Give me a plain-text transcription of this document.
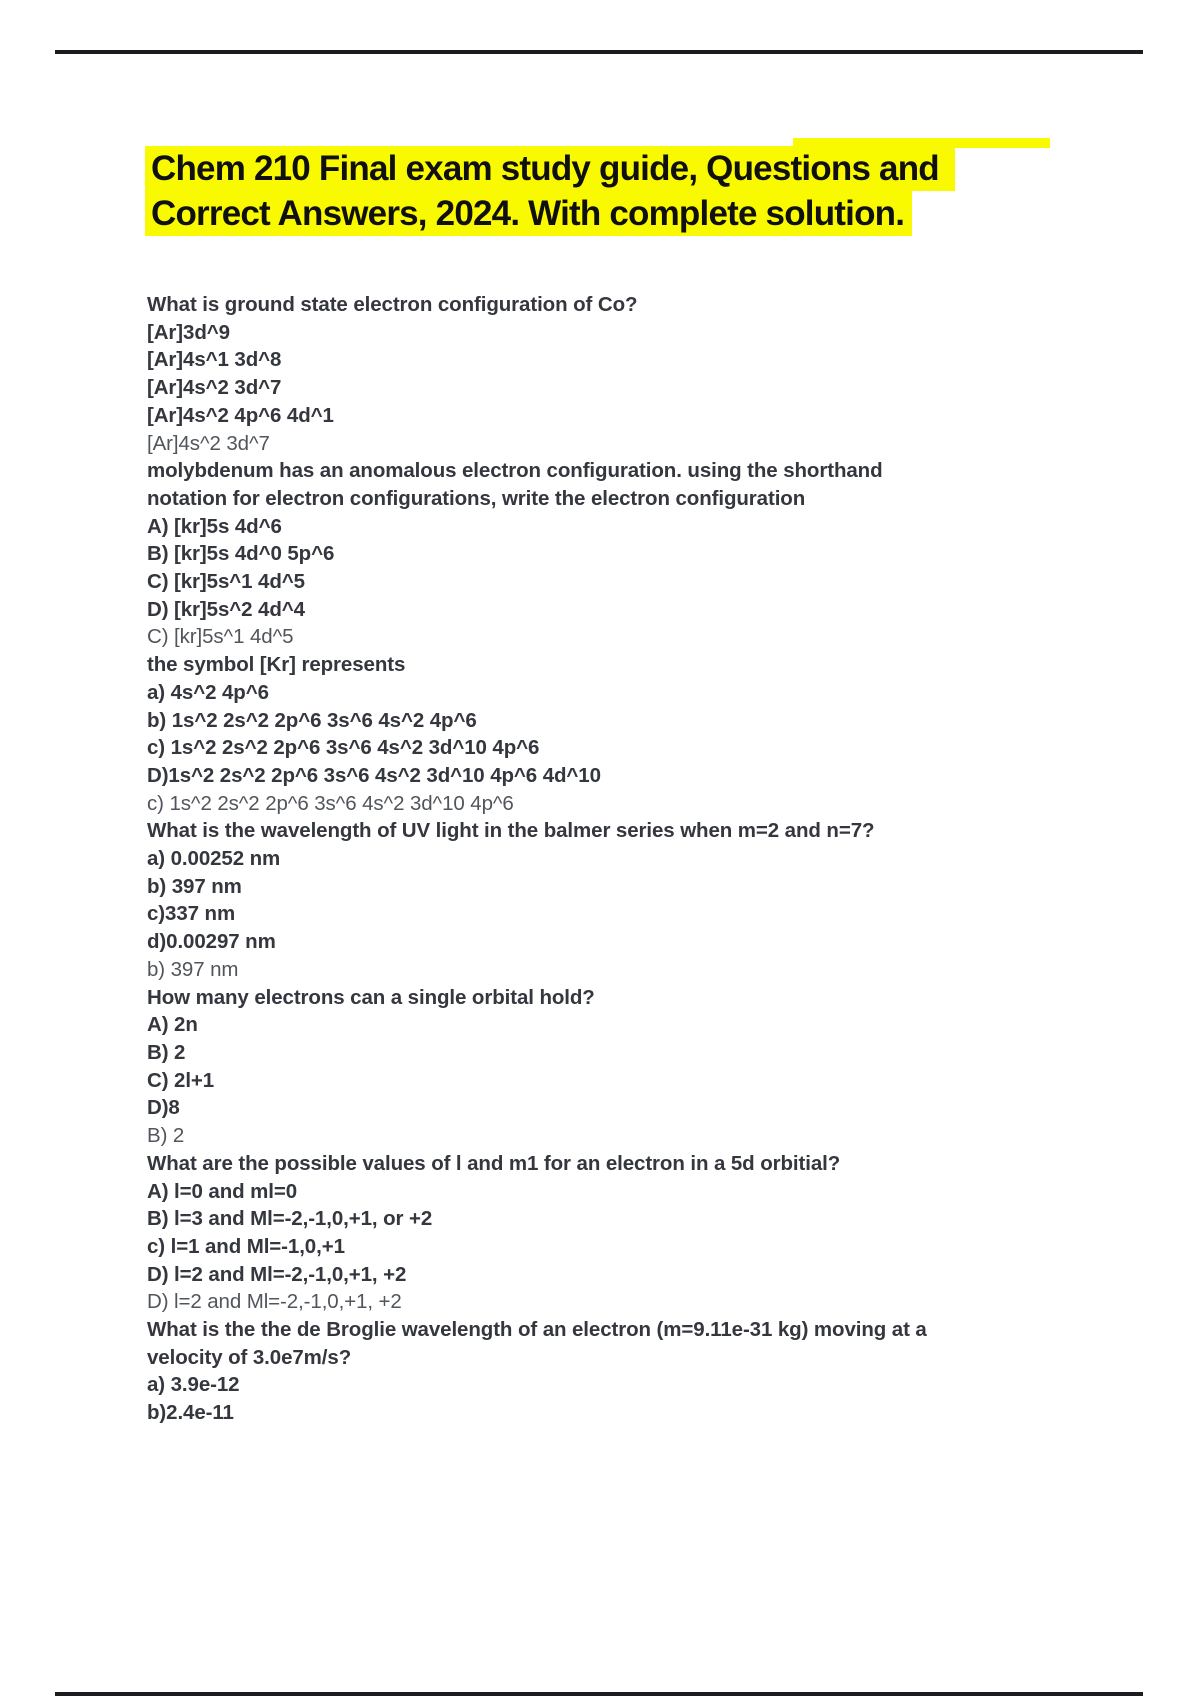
Chem 210 Final exam study guide, Questions and
Correct Answers, 2024. With complete solution.
What is ground state electron configuration of Co?
[Ar]3d^9
[Ar]4s^1 3d^8
[Ar]4s^2 3d^7
[Ar]4s^2 4p^6 4d^1
[Ar]4s^2 3d^7
molybdenum has an anomalous electron configuration. using the shorthand
notation for electron configurations, write the electron configuration
A) [kr]5s 4d^6
B) [kr]5s 4d^0 5p^6
C) [kr]5s^1 4d^5
D) [kr]5s^2 4d^4
C) [kr]5s^1 4d^5
the symbol [Kr] represents
a) 4s^2 4p^6
b) 1s^2 2s^2 2p^6 3s^6 4s^2 4p^6
c) 1s^2 2s^2 2p^6 3s^6 4s^2 3d^10 4p^6
D)1s^2 2s^2 2p^6 3s^6 4s^2 3d^10 4p^6 4d^10
c) 1s^2 2s^2 2p^6 3s^6 4s^2 3d^10 4p^6
What is the wavelength of UV light in the balmer series when m=2 and n=7?
a) 0.00252 nm
b) 397 nm
c)337 nm
d)0.00297 nm
b) 397 nm
How many electrons can a single orbital hold?
A) 2n
B) 2
C) 2l+1
D)8
B) 2
What are the possible values of l and m1 for an electron in a 5d orbitial?
A) l=0 and ml=0
B) l=3 and Ml=-2,-1,0,+1, or +2
c) l=1 and Ml=-1,0,+1
D) l=2 and Ml=-2,-1,0,+1, +2
D) l=2 and Ml=-2,-1,0,+1, +2
What is the the de Broglie wavelength of an electron (m=9.11e-31 kg) moving at a
velocity of 3.0e7m/s?
a) 3.9e-12
b)2.4e-11
